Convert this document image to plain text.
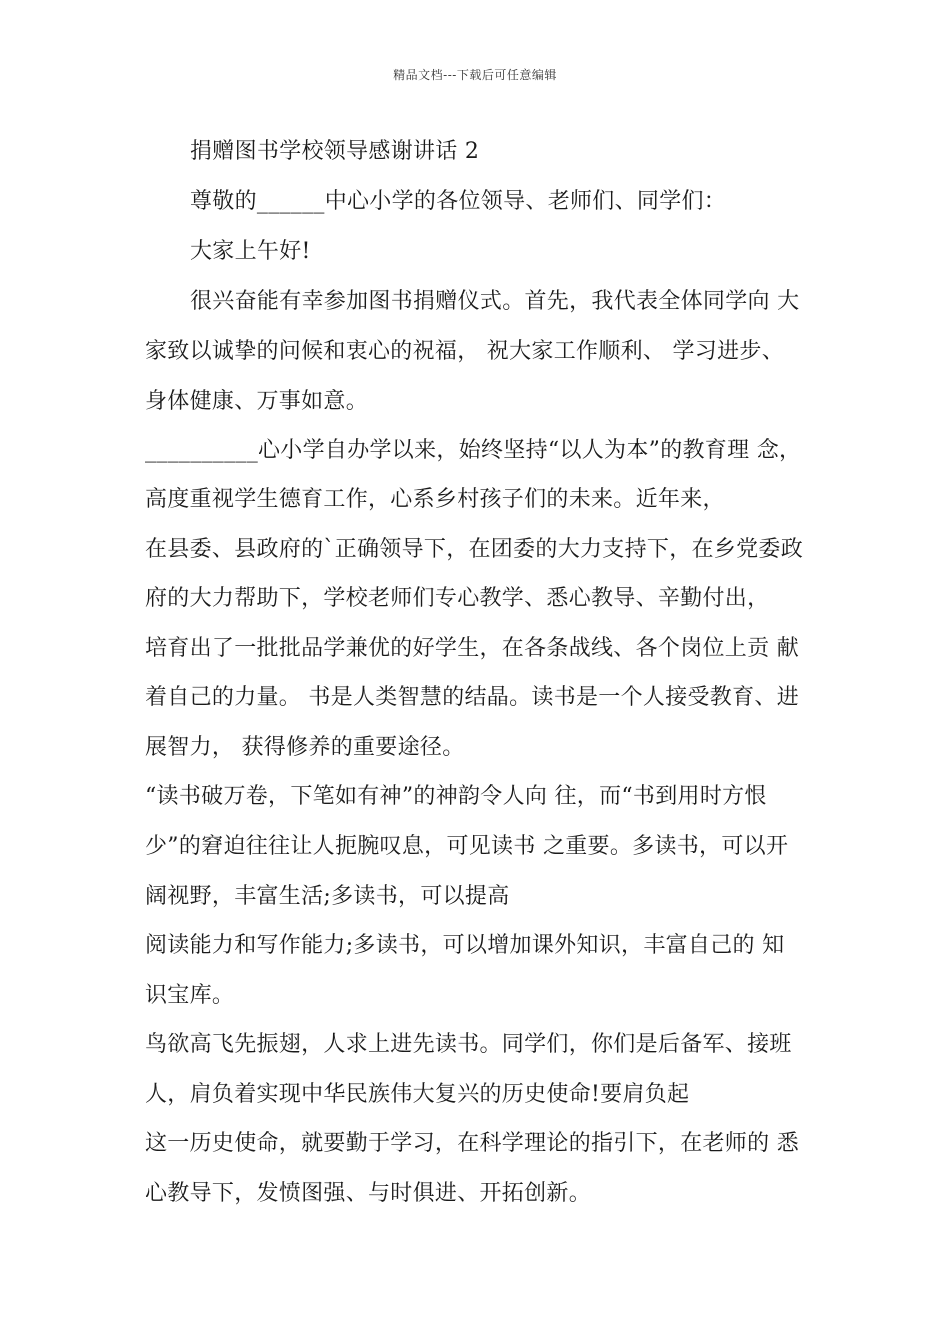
精品文档---下载后可任意编辑
捐赠图书学校领导感谢讲话 2
尊敬的______中心小学的各位领导、老师们、同学们：
大家上午好!
很兴奋能有幸参加图书捐赠仪式。首先，我代表全体同学向 大
家致以诚挚的问候和衷心的祝福， 祝大家工作顺利、 学习进步、
身体健康、万事如意。
__________心小学自办学以来，始终坚持“以人为本”的教育理 念，
高度重视学生德育工作，心系乡村孩子们的未来。近年来，
在县委、县政府的`正确领导下，在团委的大力支持下，在乡党委政
府的大力帮助下，学校老师们专心教学、悉心教导、辛勤付出，
培育出了一批批品学兼优的好学生，在各条战线、各个岗位上贡 献
着自己的力量。 书是人类智慧的结晶。读书是一个人接受教育、进
展智力， 获得修养的重要途径。
“读书破万卷，下笔如有神”的神韵令人向 往，而“书到用时方恨
少”的窘迫往往让人扼腕叹息，可见读书 之重要。多读书，可以开
阔视野，丰富生活;多读书，可以提高
阅读能力和写作能力;多读书，可以增加课外知识，丰富自己的 知
识宝库。
鸟欲高飞先振翅，人求上进先读书。同学们，你们是后备军、接班
人，肩负着实现中华民族伟大复兴的历史使命!要肩负起
这一历史使命，就要勤于学习，在科学理论的指引下，在老师的 悉
心教导下，发愤图强、与时俱进、开拓创新。
